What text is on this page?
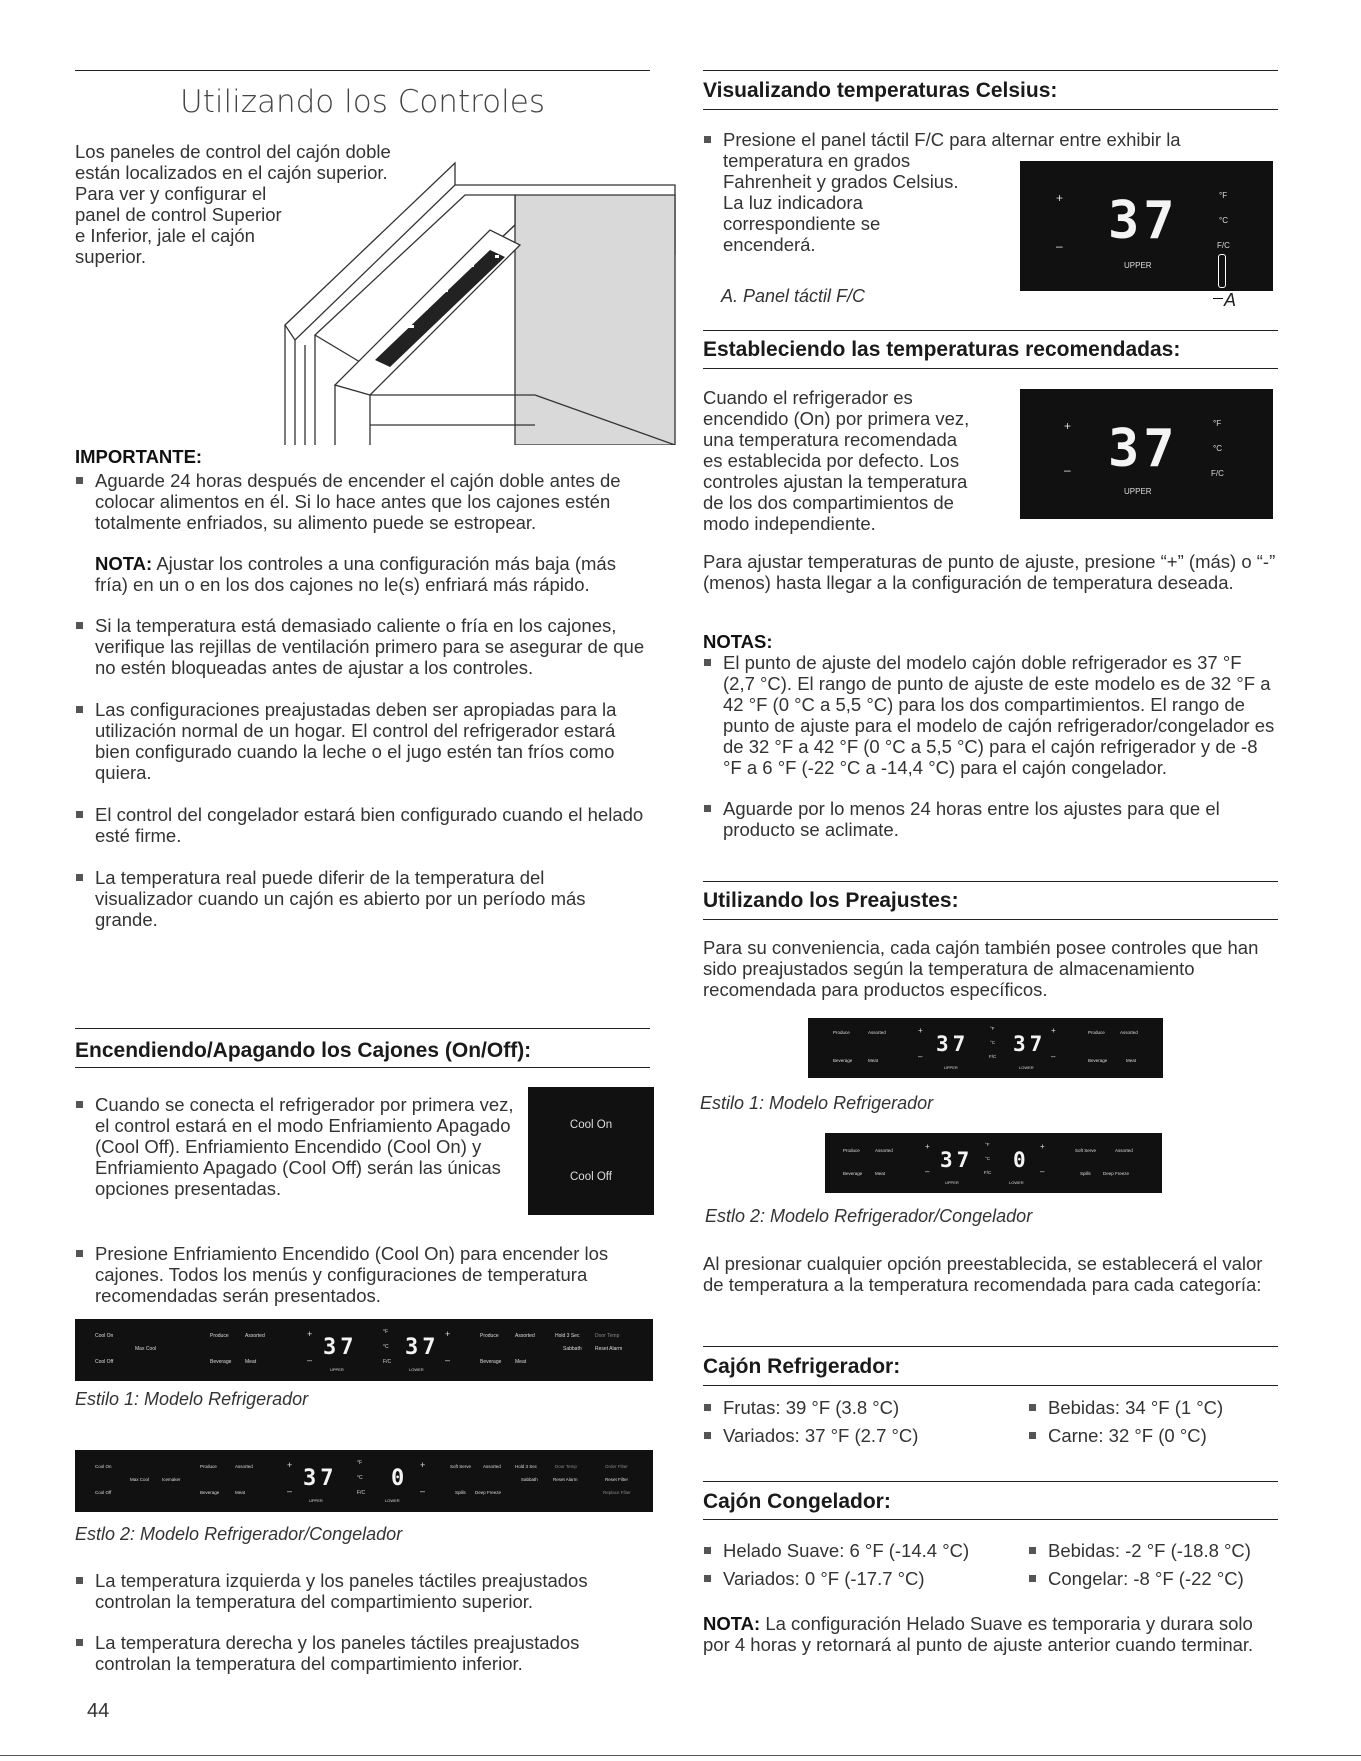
Utilizando los Controles
Los paneles de control del cajón doble
están localizados en el cajón superior.
Para ver y configurar el
panel de control Superior
e Inferior, jale el cajón
superior.
IMPORTANTE:
Aguarde 24 horas después de encender el cajón doble antes de colocar alimentos en él. Si lo hace antes que los cajones estén totalmente enfriados, su alimento puede se estropear.
NOTA: Ajustar los controles a una configuración más baja (más fría) en un o en los dos cajones no le(s) enfriará más rápido.
Si la temperatura está demasiado caliente o fría en los cajones, verifique las rejillas de ventilación primero para se asegurar de que no estén bloqueadas antes de ajustar a los controles.
Las configuraciones preajustadas deben ser apropiadas para la utilización normal de un hogar. El control del refrigerador estará bien configurado cuando la leche o el jugo estén tan fríos como quiera.
El control del congelador estará bien configurado cuando el helado esté firme.
La temperatura real puede diferir de la temperatura del visualizador cuando un cajón es abierto por un período más grande.
Encendiendo/Apagando los Cajones (On/Off):
Cuando se conecta el refrigerador por primera vez, el control estará en el modo Enfriamiento Apagado (Cool Off). Enfriamiento Encendido (Cool On) y Enfriamiento Apagado (Cool Off) serán las únicas opciones presentadas.
Cool On
Cool Off
Presione Enfriamiento Encendido (Cool On) para encender los cajones. Todos los menús y configuraciones de temperatura recomendadas serán presentados.
Cool On
Cool Off
Max Cool
Produce	Assorted
Beverage	Meat
+
– 37
UPPER
°F
°C
F/C
37
LOWER
+
–
Produce	Assorted
Beverage	Meat
Hold 3 Sec
Sabbath
Door Temp
Reset Alarm
Estilo 1: Modelo Refrigerador
Cool On
Cool Off
Max Cool	Icemaker
Produce	Assorted
Beverage	Meat
+
– 37
UPPER
°F
°C
F/C
0
LOWER
+
–
Soft Serve	Assorted
Spills Deep Freeze
Hold 3 Sec
Sabbath
Door Temp
Reset Alarm
Order Filter
Reset Filter
Replace Filter
Estlo 2: Modelo Refrigerador/Congelador
La temperatura izquierda y los paneles táctiles preajustados controlan la temperatura del compartimiento superior.
La temperatura derecha y los paneles táctiles preajustados controlan la temperatura del compartimiento inferior.
44
Visualizando temperaturas Celsius:
Presione el panel táctil F/C para alternar entre exhibir la
temperatura en grados
Fahrenheit y grados Celsius.
La luz indicadora
correspondiente se
encenderá.
A. Panel táctil F/C
+
– 37
UPPER
°F
°C
F/C
A
Estableciendo las temperaturas recomendadas:
Cuando el refrigerador es
encendido (On) por primera vez,
una temperatura recomendada
es establecida por defecto. Los
controles ajustan la temperatura
de los dos compartimientos de
modo independiente.
+
– 37
UPPER
°F
°C
F/C
Para ajustar temperaturas de punto de ajuste, presione “+” (más) o “-” (menos) hasta llegar a la configuración de temperatura deseada.
NOTAS:
El punto de ajuste del modelo cajón doble refrigerador es 37 °F (2,7 °C). El rango de punto de ajuste de este modelo es de 32 °F a 42 °F (0 °C a 5,5 °C) para los dos compartimientos. El rango de punto de ajuste para el modelo de cajón refrigerador/congelador es de 32 °F a 42 °F (0 °C a 5,5 °C) para el cajón refrigerador y de -8 °F a 6 °F (-22 °C a -14,4 °C) para el cajón congelador.
Aguarde por lo menos 24 horas entre los ajustes para que el producto se aclimate.
Utilizando los Preajustes:
Para su conveniencia, cada cajón también posee controles que han sido preajustados según la temperatura de almacenamiento recomendada para productos específicos.
Produce	Assorted
Beverage	Meat
+
–
37
UPPER
°F
°C
F/C
37
LOWER
+
–
Produce	Assorted
Beverage	Meat
Estilo 1: Modelo Refrigerador
Produce	Assorted
Beverage	Meat
+
– 37
UPPER
°F
°C
F/C
0
LOWER
+
–
Soft Serve	Assorted
Spills	Deep Freeze
Estlo 2: Modelo Refrigerador/Congelador
Al presionar cualquier opción preestablecida, se establecerá el valor de temperatura a la temperatura recomendada para cada categoría:
Cajón Refrigerador:
Frutas: 39 °F (3.8 °C)
Variados: 37 °F (2.7 °C)
Bebidas: 34 °F (1 °C)
Carne: 32 °F (0 °C)
Cajón Congelador:
Helado Suave: 6 °F (-14.4 °C)
Variados: 0 °F (-17.7 °C)
Bebidas: -2 °F (-18.8 °C)
Congelar: -8 °F (-22 °C)
NOTA: La configuración Helado Suave es temporaria y durara solo por 4 horas y retornará al punto de ajuste anterior cuando terminar.
